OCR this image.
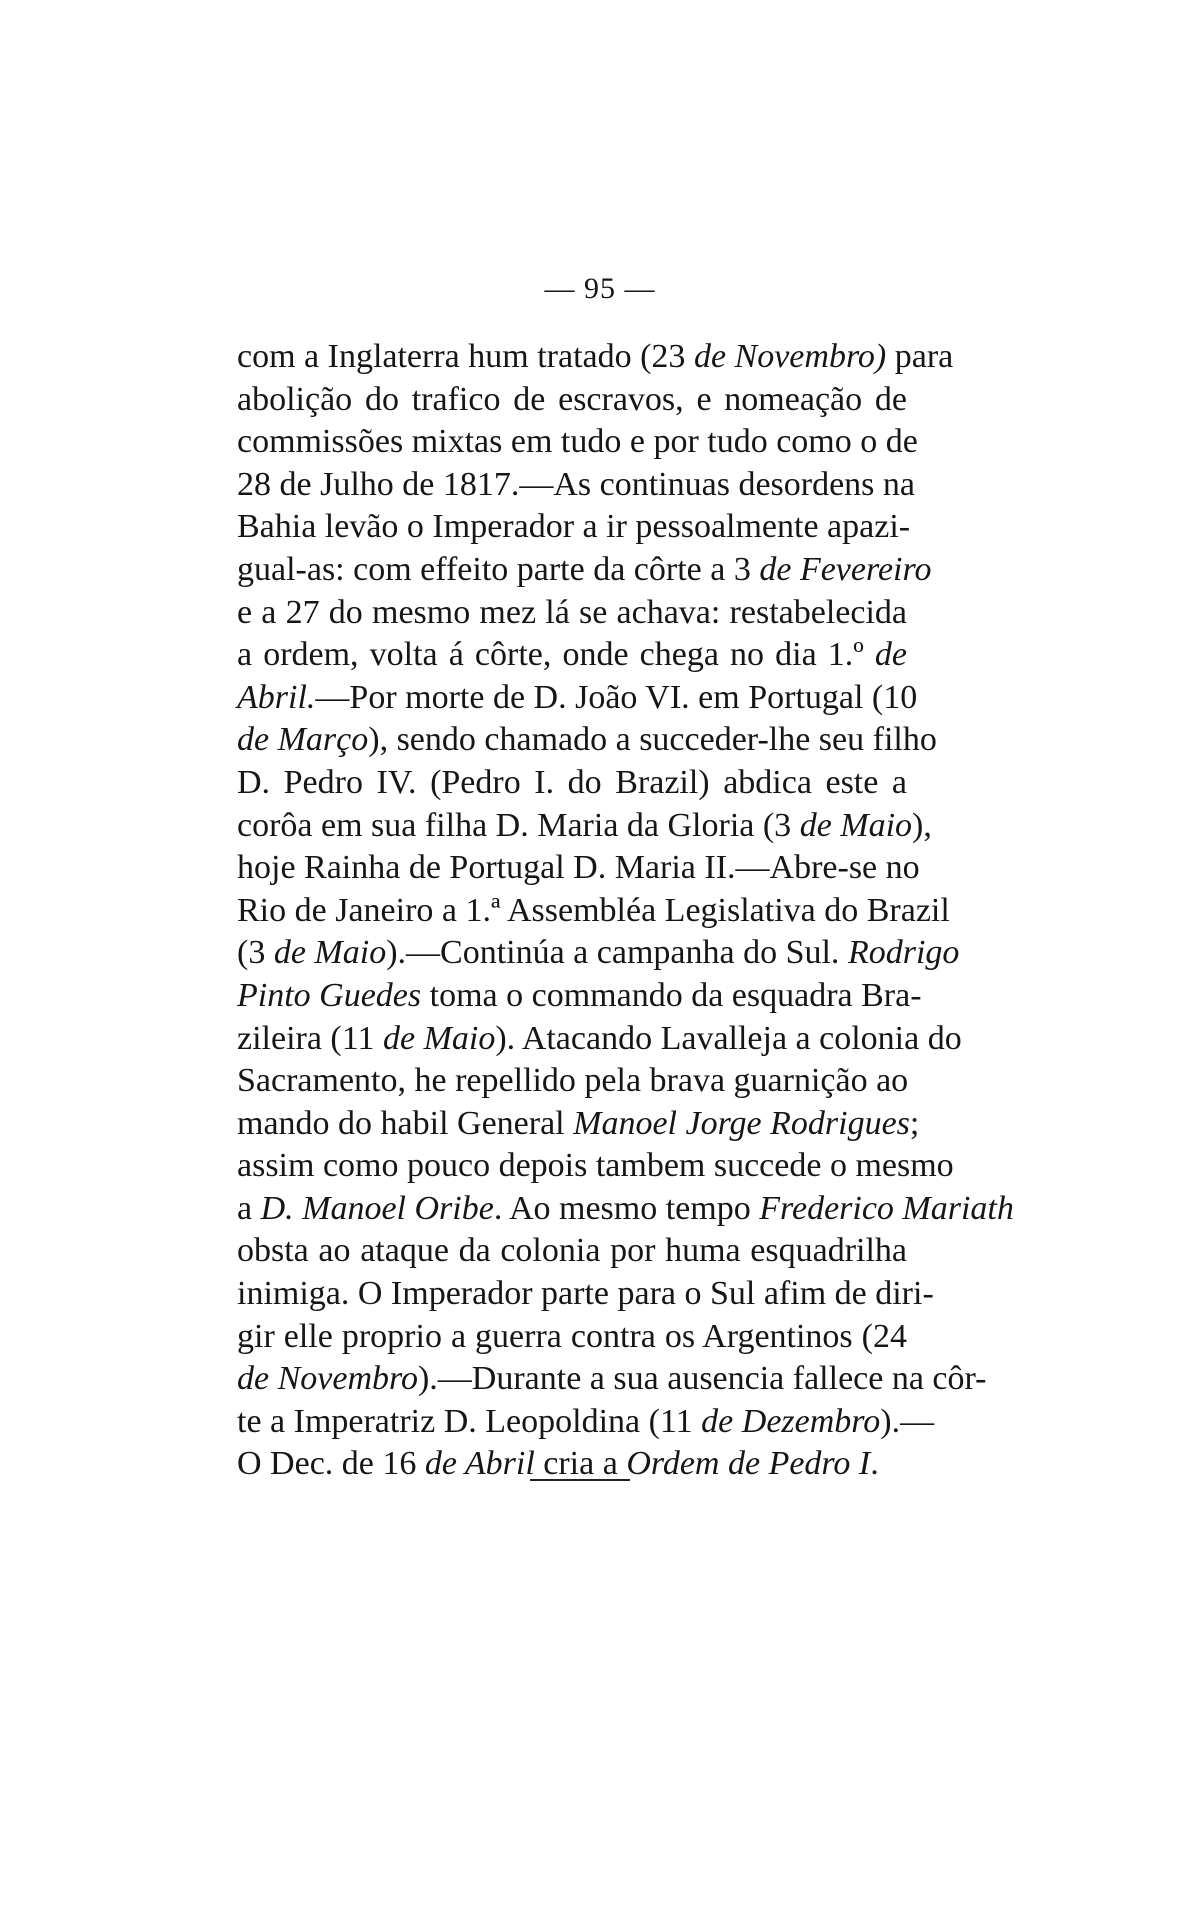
— 95 —
com a Inglaterra hum tratado (23 de Novembro) para
abolição do trafico de escravos, e nomeação de
commissões mixtas em tudo e por tudo como o de
28 de Julho de 1817.—As continuas desordens na
Bahia levão o Imperador a ir pessoalmente apazi-
gual-as: com effeito parte da côrte a 3 de Fevereiro
e a 27 do mesmo mez lá se achava: restabelecida
a ordem, volta á côrte, onde chega no dia 1.º de
Abril.—Por morte de D. João VI. em Portugal (10
de Março), sendo chamado a succeder-lhe seu filho
D. Pedro IV. (Pedro I. do Brazil) abdica este a
corôa em sua filha D. Maria da Gloria (3 de Maio),
hoje Rainha de Portugal D. Maria II.—Abre-se no
Rio de Janeiro a 1.ª Assembléa Legislativa do Brazil
(3 de Maio).—Continúa a campanha do Sul. Rodrigo
Pinto Guedes toma o commando da esquadra Bra-
zileira (11 de Maio). Atacando Lavalleja a colonia do
Sacramento, he repellido pela brava guarnição ao
mando do habil General Manoel Jorge Rodrigues;
assim como pouco depois tambem succede o mesmo
a D. Manoel Oribe. Ao mesmo tempo Frederico Mariath
obsta ao ataque da colonia por huma esquadrilha
inimiga. O Imperador parte para o Sul afim de diri-
gir elle proprio a guerra contra os Argentinos (24
de Novembro).—Durante a sua ausencia fallece na côr-
te a Imperatriz D. Leopoldina (11 de Dezembro).—
O Dec. de 16 de Abril cria a Ordem de Pedro I.
